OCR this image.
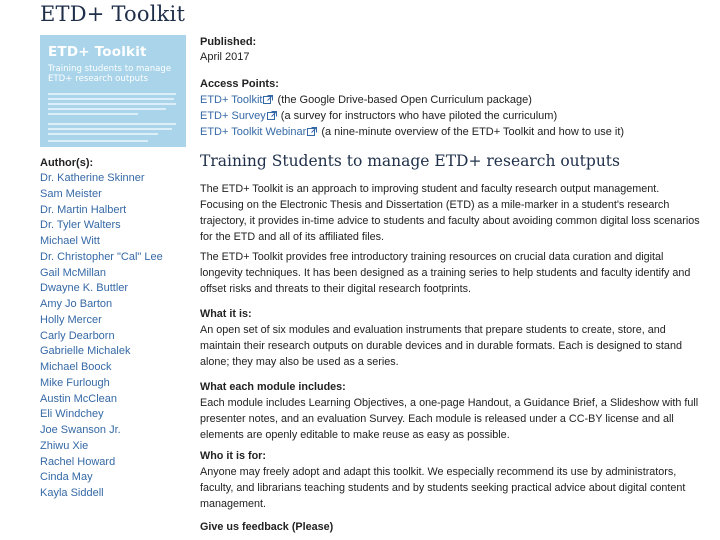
ETD+ Toolkit
ETD+ Toolkit
Training students to manage ETD+ research outputs
Author(s):
Dr. Katherine Skinner
Sam Meister
Dr. Martin Halbert
Dr. Tyler Walters
Michael Witt
Dr. Christopher "Cal" Lee
Gail McMillan
Dwayne K. Buttler
Amy Jo Barton
Holly Mercer
Carly Dearborn
Gabrielle Michalek
Michael Boock
Mike Furlough
Austin McClean
Eli Windchey
Joe Swanson Jr.
Zhiwu Xie
Rachel Howard
Cinda May
Kayla Siddell
Published:
April 2017
Access Points:
ETD+ Toolkit (the Google Drive-based Open Curriculum package)
ETD+ Survey (a survey for instructors who have piloted the curriculum)
ETD+ Toolkit Webinar (a nine-minute overview of the ETD+ Toolkit and how to use it)
Training Students to manage ETD+ research outputs
The ETD+ Toolkit is an approach to improving student and faculty research output management. Focusing on the Electronic Thesis and Dissertation (ETD) as a mile-marker in a student's research trajectory, it provides in-time advice to students and faculty about avoiding common digital loss scenarios for the ETD and all of its affiliated files.
The ETD+ Toolkit provides free introductory training resources on crucial data curation and digital longevity techniques. It has been designed as a training series to help students and faculty identify and offset risks and threats to their digital research footprints.
What it is:
An open set of six modules and evaluation instruments that prepare students to create, store, and maintain their research outputs on durable devices and in durable formats. Each is designed to stand alone; they may also be used as a series.
What each module includes:
Each module includes Learning Objectives, a one-page Handout, a Guidance Brief, a Slideshow with full presenter notes, and an evaluation Survey. Each module is released under a CC-BY license and all elements are openly editable to make reuse as easy as possible.
Who it is for:
Anyone may freely adopt and adapt this toolkit. We especially recommend its use by administrators, faculty, and librarians teaching students and by students seeking practical advice about digital content management.
Give us feedback (Please)
